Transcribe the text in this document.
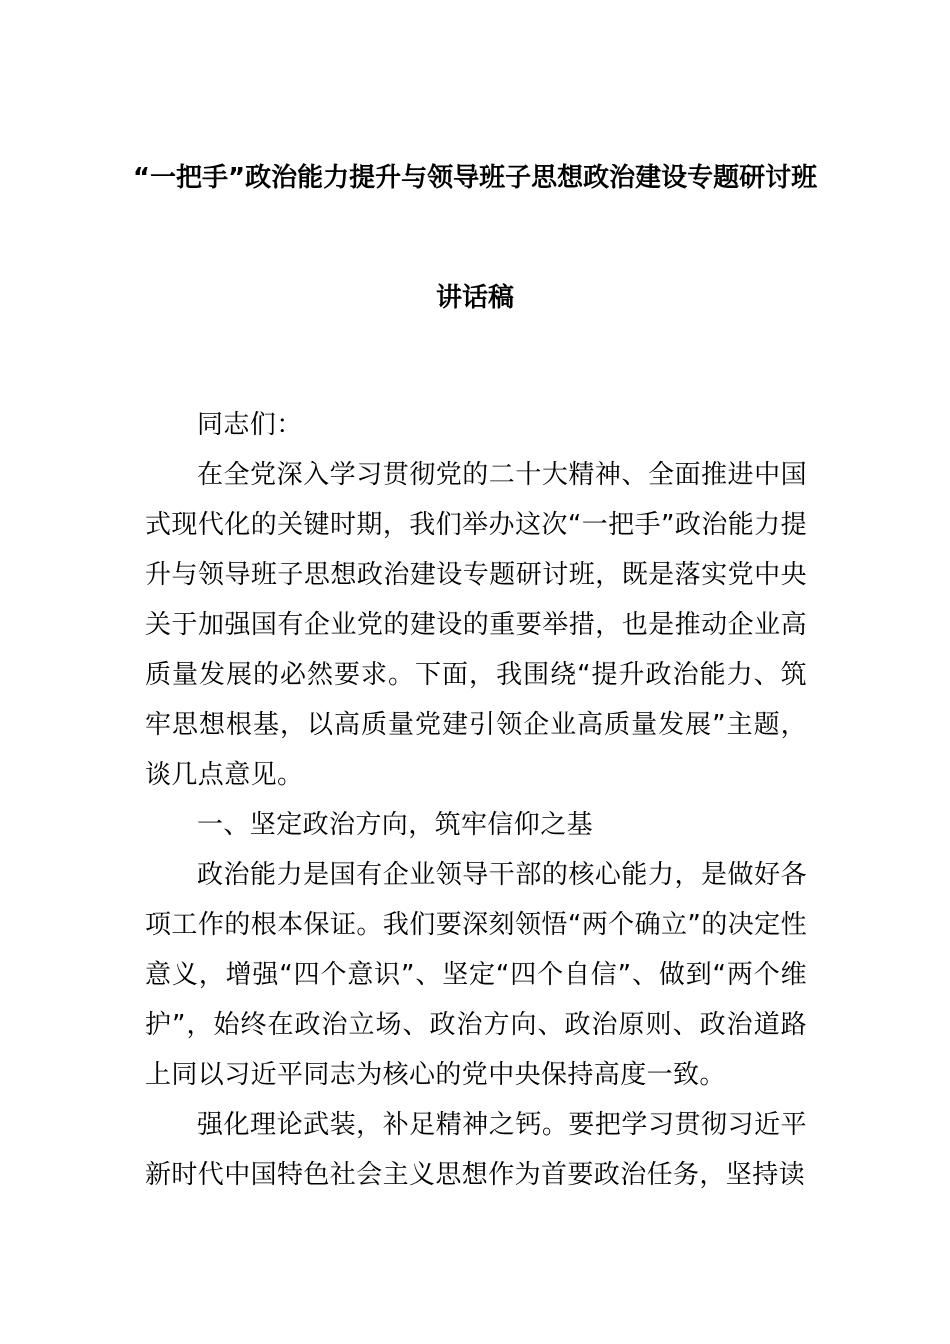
“一把手”政治能力提升与领导班子思想政治建设专题研讨班
讲话稿

同志们：

在全党深入学习贯彻党的二十大精神、全面推进中国式现代化的关键时期，我们举办这次“一把手”政治能力提升与领导班子思想政治建设专题研讨班，既是落实党中央关于加强国有企业党的建设的重要举措，也是推动企业高质量发展的必然要求。下面，我围绕“提升政治能力、筑牢思想根基，以高质量党建引领企业高质量发展”主题，谈几点意见。

一、坚定政治方向，筑牢信仰之基

政治能力是国有企业领导干部的核心能力，是做好各项工作的根本保证。我们要深刻领悟“两个确立”的决定性意义，增强“四个意识”、坚定“四个自信”、做到“两个维护”，始终在政治立场、政治方向、政治原则、政治道路上同以习近平同志为核心的党中央保持高度一致。

强化理论武装，补足精神之钙。要把学习贯彻习近平新时代中国特色社会主义思想作为首要政治任务，坚持读
